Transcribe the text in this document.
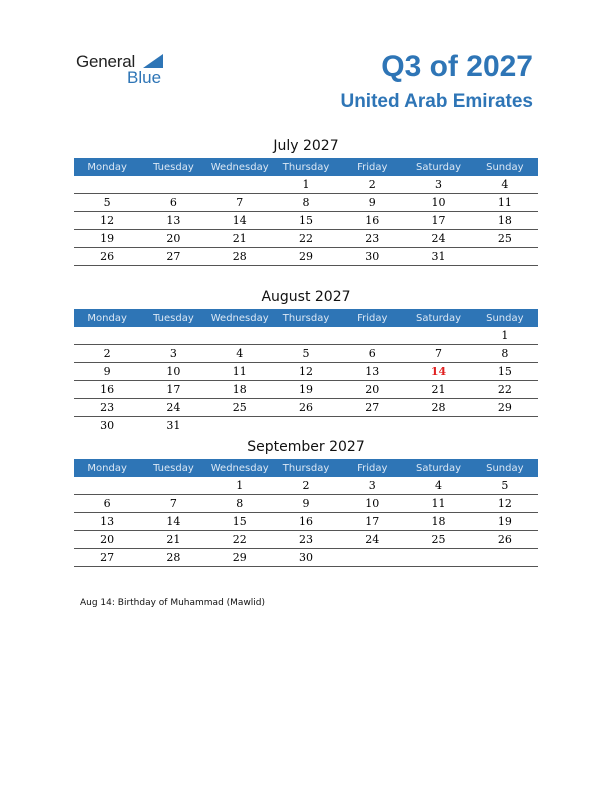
General
Blue	Q3 of 2027
United Arab Emirates
July 2027
Monday	Tuesday	Wednesday	Thursday	Friday	Saturday	Sunday
			1	2	3	4
5	6	7	8	9	10	11
12	13	14	15	16	17	18
19	20	21	22	23	24	25
26	27	28	29	30	31	
August 2027
Monday	Tuesday	Wednesday	Thursday	Friday	Saturday	Sunday
						1
2	3	4	5	6	7	8
9	10	11	12	13	14	15
16	17	18	19	20	21	22
23	24	25	26	27	28	29
30	31					
September 2027
Monday	Tuesday	Wednesday	Thursday	Friday	Saturday	Sunday
		1	2	3	4	5
6	7	8	9	10	11	12
13	14	15	16	17	18	19
20	21	22	23	24	25	26
27	28	29	30			
Aug 14: Birthday of Muhammad (Mawlid)
